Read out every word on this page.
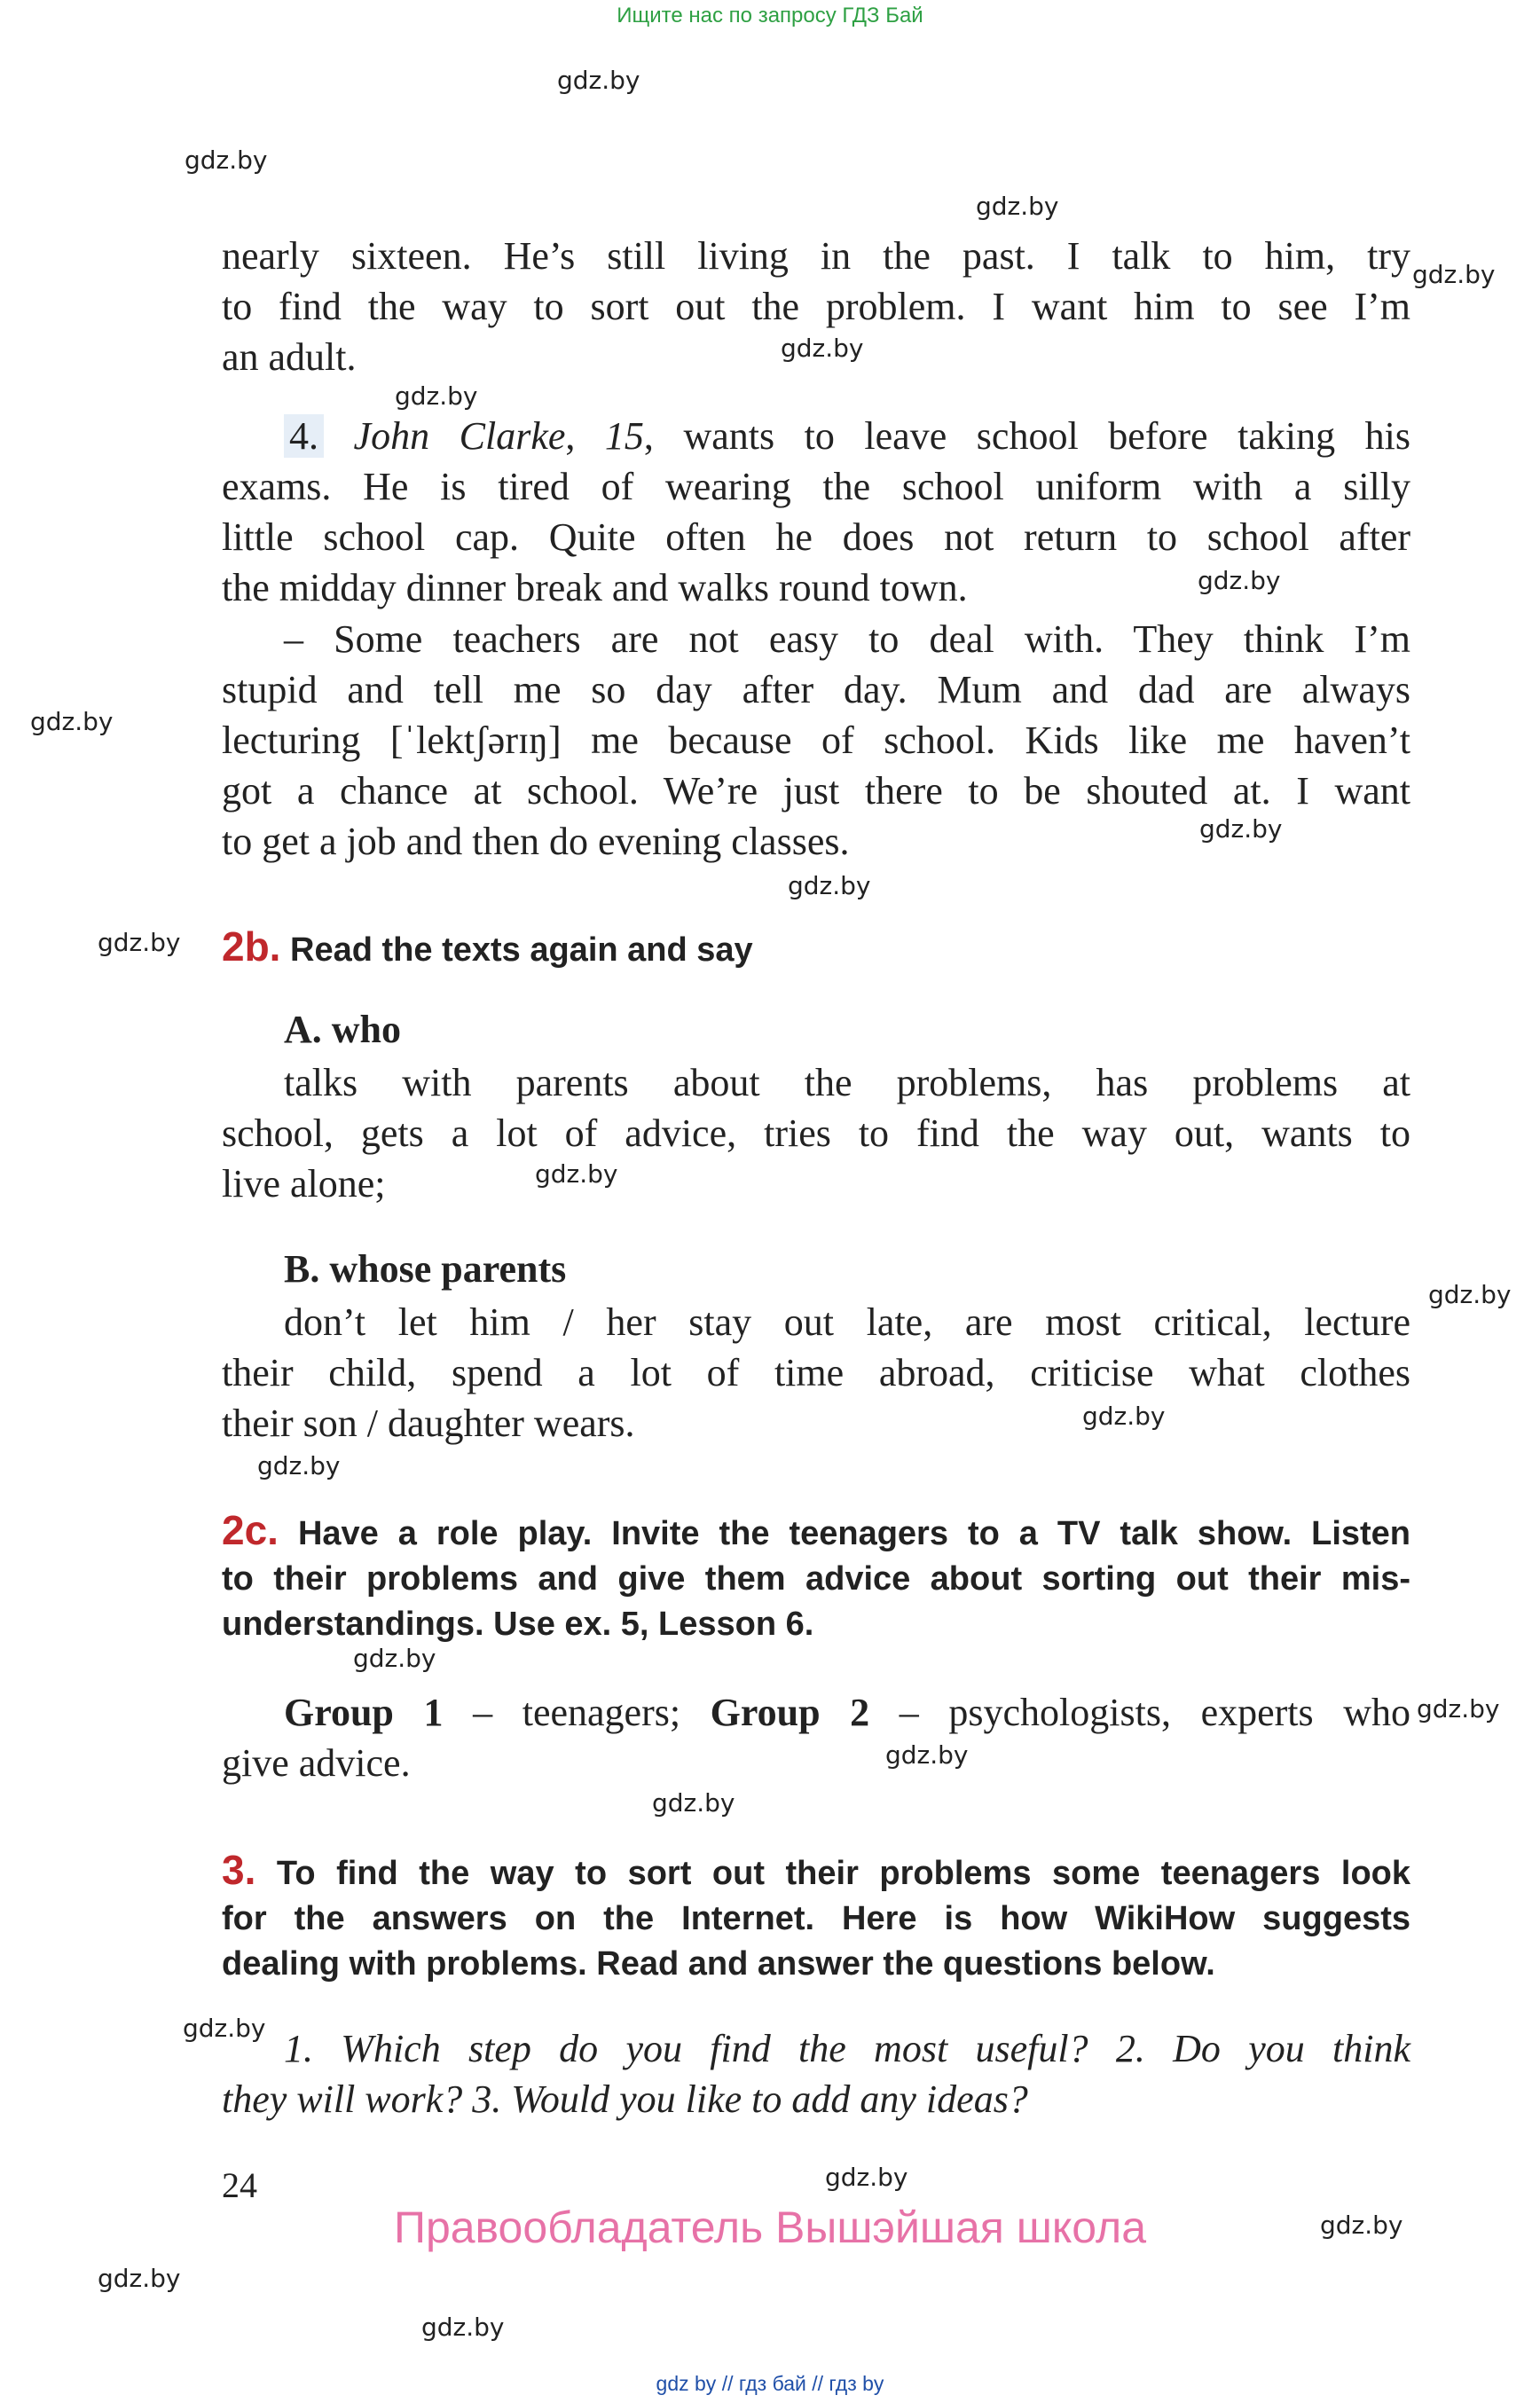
Ищите нас по запросу ГДЗ Бай
gdz.by
gdz.by
gdz.by
gdz.by
gdz.by
gdz.by
gdz.by
gdz.by
gdz.by
gdz.by
gdz.by
gdz.by
gdz.by
gdz.by
gdz.by
gdz.by
gdz.by
gdz.by
gdz.by
gdz.by
gdz.by
gdz.by
gdz.by
gdz.by
nearly sixteen. He’s still living in the past. I talk to him, try
to find the way to sort out the problem. I want him to see I’m
an adult.
4. John Clarke, 15, wants to leave school before taking his
exams. He is tired of wearing the school uniform with a silly
little school cap. Quite often he does not return to school after
the midday dinner break and walks round town.
– Some teachers are not easy to deal with. They think I’m
stupid and tell me so day after day. Mum and dad are always
lecturing [ˈlektʃərɪŋ] me because of school. Kids like me haven’t
got a chance at school. We’re just there to be shouted at. I want
to get a job and then do evening classes.
2b. Read the texts again and say
A. who
talks with parents about the problems, has problems at
school, gets a lot of advice, tries to find the way out, wants to
live alone;
B. whose parents
don’t let him / her stay out late, are most critical, lecture
their child, spend a lot of time abroad, criticise what clothes
their son / daughter wears.
2c. Have a role play. Invite the teenagers to a TV talk show. Listen
to their problems and give them advice about sorting out their mis-
understandings. Use ex. 5, Lesson 6.
Group 1 – teenagers; Group 2 – psychologists, experts who
give advice.
3. To find the way to sort out their problems some teenagers look
for the answers on the Internet. Here is how WikiHow suggests
dealing with problems. Read and answer the questions below.
1. Which step do you find the most useful? 2. Do you think
they will work? 3. Would you like to add any ideas?
24
Правообладатель Вышэйшая школа
gdz by // гдз бай // гдз by
